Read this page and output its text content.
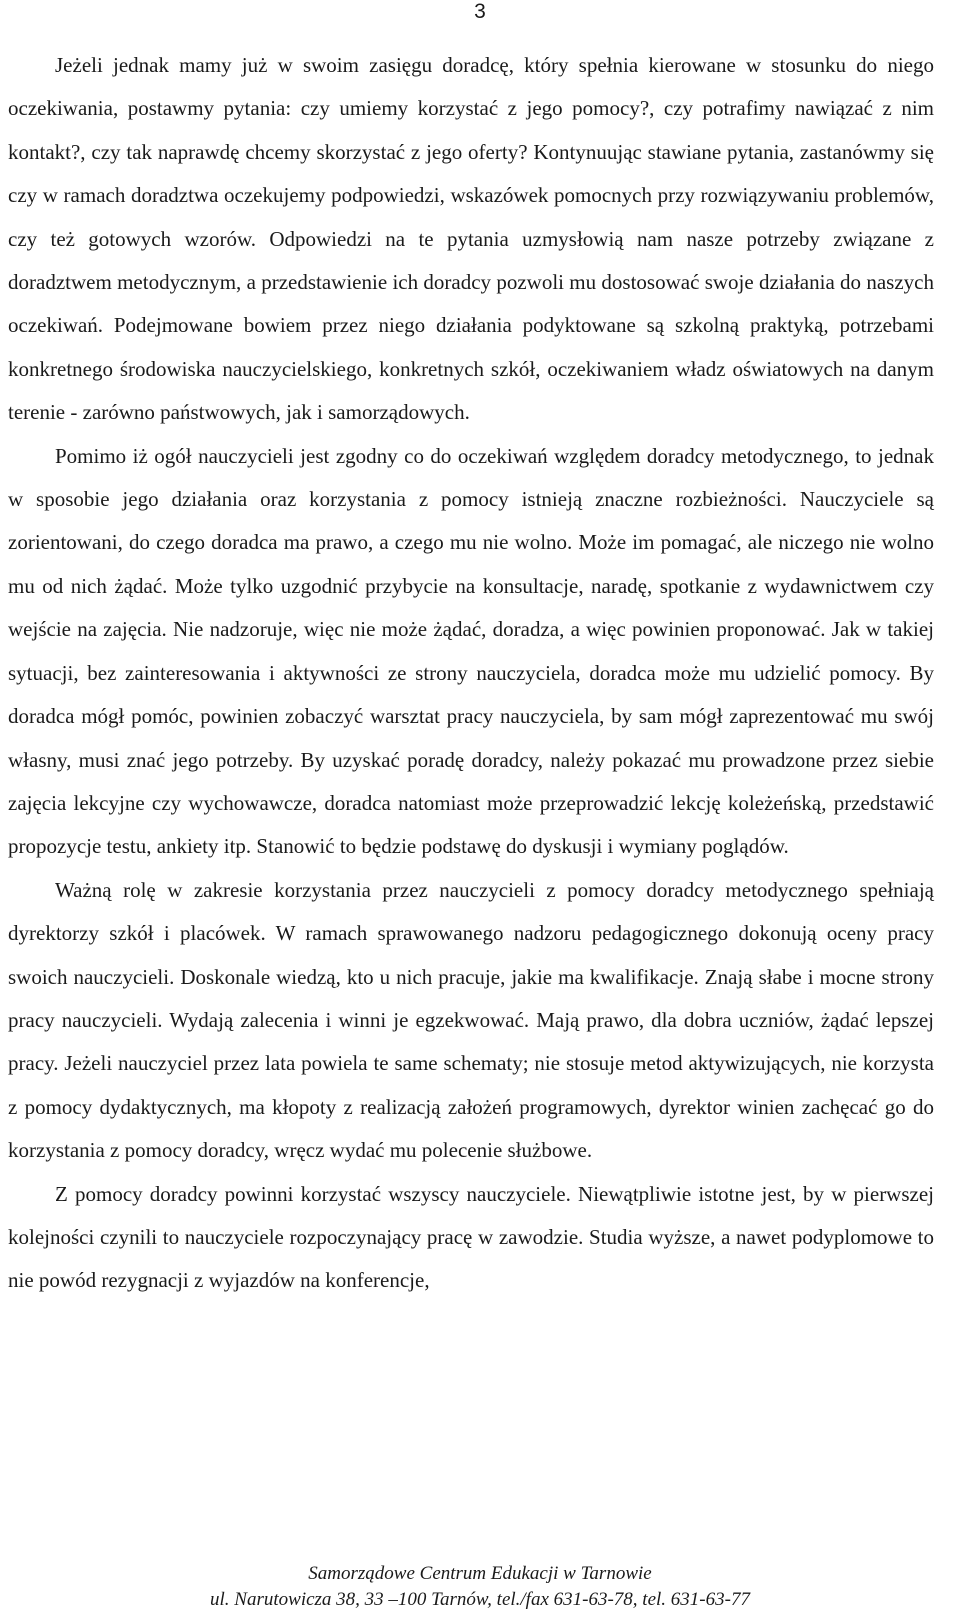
3

Jeżeli jednak mamy już w swoim zasięgu doradcę, który spełnia kierowane w stosunku do niego oczekiwania, postawmy pytania: czy umiemy korzystać z jego pomocy?, czy potrafimy nawiązać z nim kontakt?, czy tak naprawdę chcemy skorzystać z jego oferty? Kontynuując stawiane pytania, zastanówmy się czy w ramach doradztwa oczekujemy podpowiedzi, wskazówek pomocnych przy rozwiązywaniu problemów, czy też gotowych wzorów. Odpowiedzi na te pytania uzmysłowią nam nasze potrzeby związane z doradztwem metodycznym, a przedstawienie ich doradcy pozwoli mu dostosować swoje działania do naszych oczekiwań. Podejmowane bowiem przez niego działania podyktowane są szkolną praktyką, potrzebami konkretnego środowiska nauczycielskiego, konkretnych szkół, oczekiwaniem władz oświatowych na danym terenie - zarówno państwowych, jak i samorządowych.

Pomimo iż ogół nauczycieli jest zgodny co do oczekiwań względem doradcy metodycznego, to jednak w sposobie jego działania oraz korzystania z pomocy istnieją znaczne rozbieżności. Nauczyciele są zorientowani, do czego doradca ma prawo, a czego mu nie wolno. Może im pomagać, ale niczego nie wolno mu od nich żądać. Może tylko uzgodnić przybycie na konsultacje, naradę, spotkanie z wydawnictwem czy wejście na zajęcia. Nie nadzoruje, więc nie może żądać, doradza, a więc powinien proponować. Jak w takiej sytuacji, bez zainteresowania i aktywności ze strony nauczyciela, doradca może mu udzielić pomocy. By doradca mógł pomóc, powinien zobaczyć warsztat pracy nauczyciela, by sam mógł zaprezentować mu swój własny, musi znać jego potrzeby. By uzyskać poradę doradcy, należy pokazać mu prowadzone przez siebie zajęcia lekcyjne czy wychowawcze, doradca natomiast może przeprowadzić lekcję koleżeńską, przedstawić propozycje testu, ankiety itp. Stanowić to będzie podstawę do dyskusji i wymiany poglądów.

Ważną rolę w zakresie korzystania przez nauczycieli z pomocy doradcy metodycznego spełniają dyrektorzy szkół i placówek. W ramach sprawowanego nadzoru pedagogicznego dokonują oceny pracy swoich nauczycieli. Doskonale wiedzą, kto u nich pracuje, jakie ma kwalifikacje. Znają słabe i mocne strony pracy nauczycieli. Wydają zalecenia i winni je egzekwować. Mają prawo, dla dobra uczniów, żądać lepszej pracy. Jeżeli nauczyciel przez lata powiela te same schematy; nie stosuje metod aktywizujących, nie korzysta z pomocy dydaktycznych, ma kłopoty z realizacją założeń programowych, dyrektor winien zachęcać go do korzystania z pomocy doradcy, wręcz wydać mu polecenie służbowe.

Z pomocy doradcy powinni korzystać wszyscy nauczyciele. Niewątpliwie istotne jest, by w pierwszej kolejności czynili to nauczyciele rozpoczynający pracę w zawodzie. Studia wyższe, a nawet podyplomowe to nie powód rezygnacji z wyjazdów na konferencje,

Samorządowe Centrum Edukacji w Tarnowie
ul. Narutowicza 38, 33 –100 Tarnów, tel./fax 631-63-78, tel. 631-63-77
